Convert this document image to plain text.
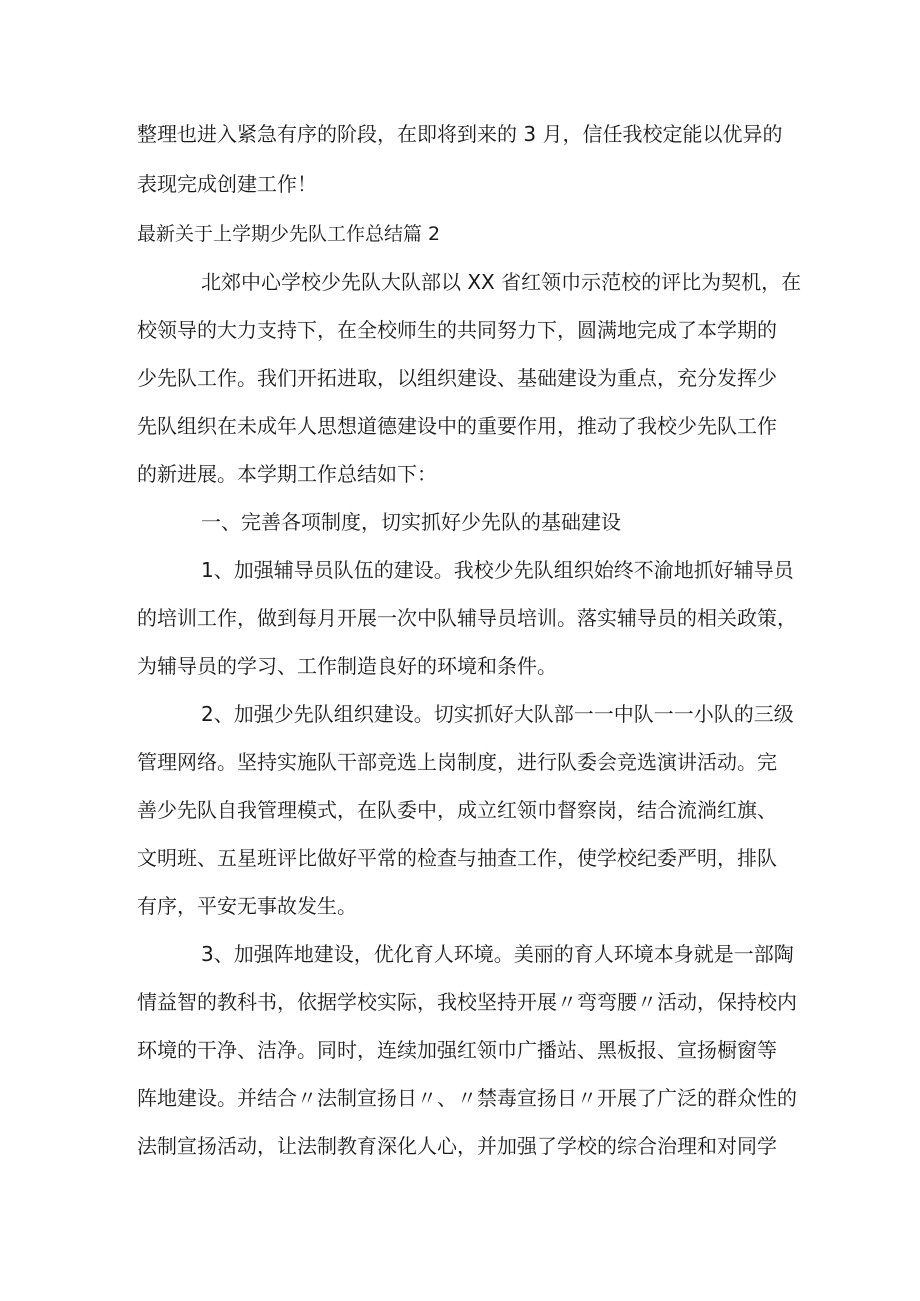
整理也进入紧急有序的阶段，在即将到来的 3 月，信任我校定能以优异的
表现完成创建工作！
最新关于上学期少先队工作总结篇 2
北郊中心学校少先队大队部以 XX 省红领巾示范校的评比为契机，在
校领导的大力支持下，在全校师生的共同努力下，圆满地完成了本学期的
少先队工作。我们开拓进取，以组织建设、基础建设为重点，充分发挥少
先队组织在未成年人思想道德建设中的重要作用，推动了我校少先队工作
的新进展。本学期工作总结如下：
一、完善各项制度，切实抓好少先队的基础建设
1、加强辅导员队伍的建设。我校少先队组织始终不渝地抓好辅导员
的培训工作，做到每月开展一次中队辅导员培训。落实辅导员的相关政策，
为辅导员的学习、工作制造良好的环境和条件。
2、加强少先队组织建设。切实抓好大队部一一中队一一小队的三级
管理网络。坚持实施队干部竞选上岗制度，进行队委会竞选演讲活动。完
善少先队自我管理模式，在队委中，成立红领巾督察岗，结合流淌红旗、
文明班、五星班评比做好平常的检查与抽查工作，使学校纪委严明，排队
有序，平安无事故发生。
3、加强阵地建设，优化育人环境。美丽的育人环境本身就是一部陶
情益智的教科书，依据学校实际，我校坚持开展〃弯弯腰〃活动，保持校内
环境的干净、洁净。同时，连续加强红领巾广播站、黑板报、宣扬橱窗等
阵地建设。并结合〃法制宣扬日〃、〃禁毒宣扬日〃开展了广泛的群众性的
法制宣扬活动，让法制教育深化人心，并加强了学校的综合治理和对同学
